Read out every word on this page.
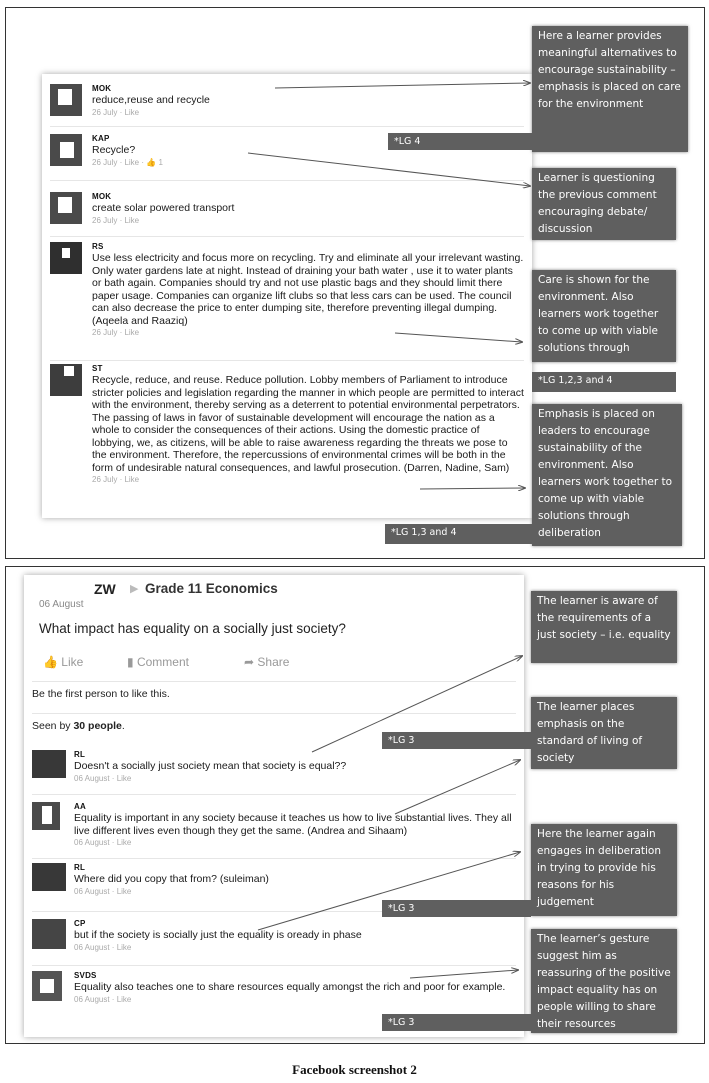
MOK
reduce,reuse and recycle
26 July · Like
KAP
Recycle?
26 July · Like · 👍 1
MOK
create solar powered transport
26 July · Like
RS
Use less electricity and focus more on recycling. Try and eliminate all your irrelevant wasting. Only water gardens late at night. Instead of draining your bath water , use it to water plants or bath again. Companies should try and not use plastic bags and they should limit there paper usage. Companies can organize lift clubs so that less cars can be used. The council can also decrease the price to enter dumping site, therefore preventing illegal dumping. (Aqeela and Raaziq)
26 July · Like
ST
Recycle, reduce, and reuse. Reduce pollution. Lobby members of Parliament to introduce stricter policies and legislation regarding the manner in which people are permitted to interact with the environment, thereby serving as a deterrent to potential environmental perpetrators. The passing of laws in favor of sustainable development will encourage the nation as a whole to consider the consequences of their actions. Using the domestic practice of lobbying, we, as citizens, will be able to raise awareness regarding the threats we pose to the environment. Therefore, the repercussions of environmental crimes will be both in the form of undesirable natural consequences, and lawful prosecution. (Darren, Nadine, Sam)
26 July · Like
Here a learner provides meaningful alternatives to encourage sustainability – emphasis is placed on care for the environment
*LG 4
Learner is questioning the previous comment encouraging debate/ discussion
Care is shown for the environment. Also learners work together to come up with viable solutions through
*LG 1,2,3 and 4
Emphasis is placed on leaders to encourage sustainability of the environment. Also learners work together to come up with viable solutions through deliberation
*LG 1,3 and 4
ZW ▶ Grade 11 Economics
06 August
What impact has equality on a socially just society?
👍 Like	▮ Comment	➦ Share
Be the first person to like this.
Seen by 30 people.
RL
Doesn't a socially just society mean that society is equal??
06 August · Like
AA
Equality is important in any society because it teaches us how to live substantial lives. They all live different lives even though they get the same. (Andrea and Sihaam)
06 August · Like
RL
Where did you copy that from? (suleiman)
06 August · Like
CP
but if the society is socially just the equality is oready in phase
06 August · Like
SVDS
Equality also teaches one to share resources equally amongst the rich and poor for example.
06 August · Like
The learner is aware of the requirements of a just society – i.e. equality
The learner places emphasis on the standard of living of society
*LG 3
Here the learner again engages in deliberation in trying to provide his reasons for his judgement
*LG 3
The learner’s gesture suggest him as reassuring of the positive impact equality has on people willing to share their resources
*LG 3
Facebook screenshot 2
